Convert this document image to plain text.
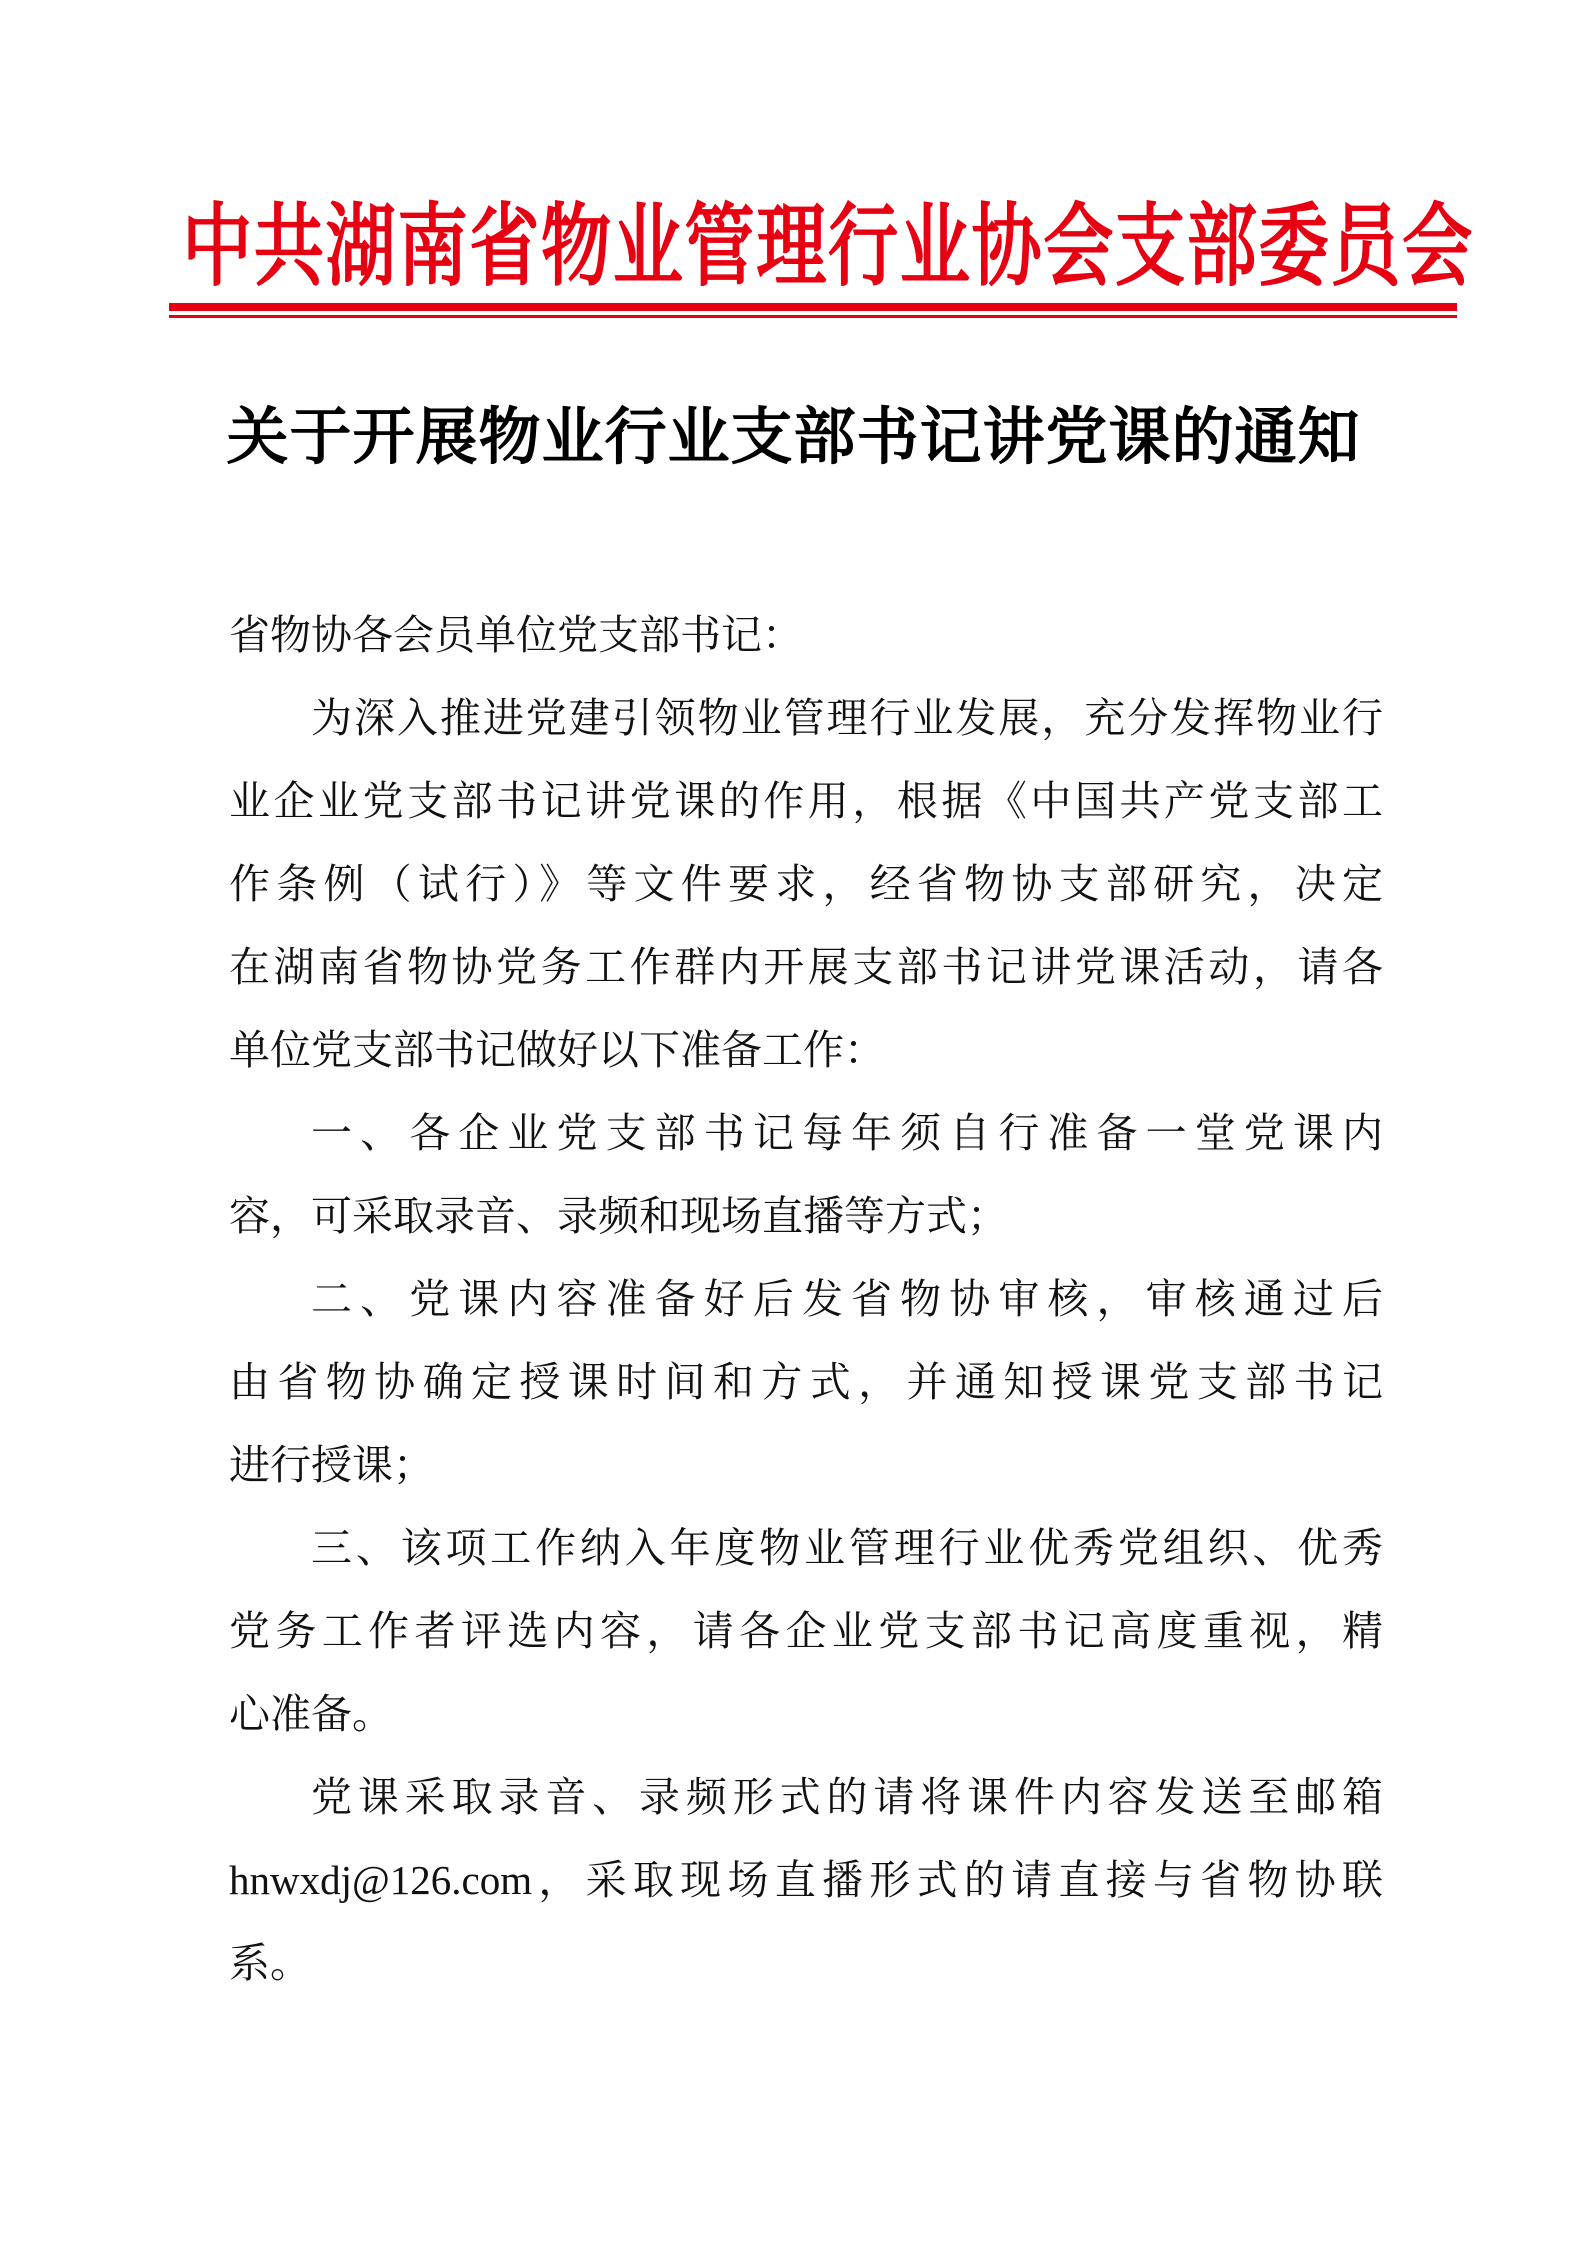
中共湖南省物业管理行业协会支部委员会
关于开展物业行业支部书记讲党课的通知
省物协各会员单位党支部书记：
为深入推进党建引领物业管理行业发展，充分发挥物业行
业企业党支部书记讲党课的作用，根据《中国共产党支部工
作条例（试行）》等文件要求，经省物协支部研究，决定
在湖南省物协党务工作群内开展支部书记讲党课活动，请各
单位党支部书记做好以下准备工作：
一、各企业党支部书记每年须自行准备一堂党课内
容，可采取录音、录频和现场直播等方式；
二、党课内容准备好后发省物协审核，审核通过后
由省物协确定授课时间和方式，并通知授课党支部书记
进行授课；
三、该项工作纳入年度物业管理行业优秀党组织、优秀
党务工作者评选内容，请各企业党支部书记高度重视，精
心准备。
党课采取录音、录频形式的请将课件内容发送至邮箱
hnwxdj@126.com，采取现场直播形式的请直接与省物协联
系。
